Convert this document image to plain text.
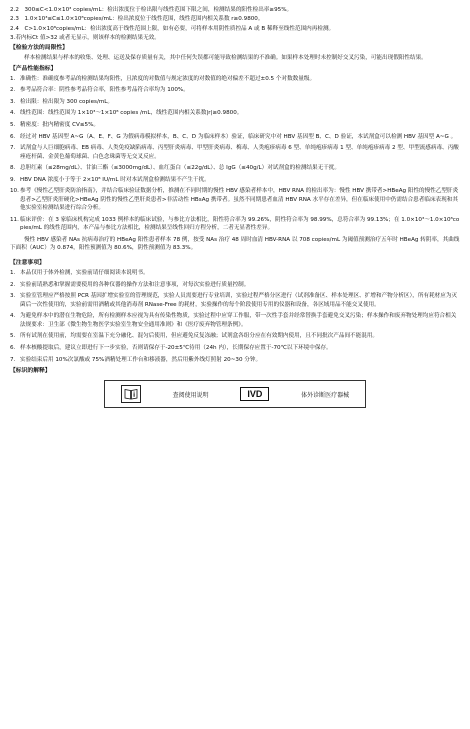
2.2　300≤C<1.0×10³ copies/mL：检出浓度位于检出限与线性范围下限之间，检测结果的阳性检出率≥95%。

2.3　1.0×10³≤C≤1.0×10⁸copies/mL：检出浓度位于线性范围，线性范围内相关系数 r≥0.9800。

2.4　C>1.0×10⁸copies/mL：检出浓度高于线性范围上限，如有必要，可将样本用阴性质控品 A 或 B 稀释至线性范围内再检测。

3.若内标Ct 值>32 或者无显示，则该样本的检测结果无效。

【检验方法的局限性】

样本检测结果与样本的收集、处理、运送及保存质量有关，其中任何失误都可能导致检测结果的不准确。如果样本处理时未控制好交叉污染，可能出现假阳性结果。

【产品性能指标】
1. 准确性：准确度参考品的检测结果均阳性，且浓度的对数值与规定浓度的对数值的绝对偏差不超过±0.5 个对数数量级。
2. 参考品符合率：阴性参考品符合率，阳性参考品符合率均为 100%。
3. 检出限：检出限为 300 copies/mL。
4. 线性范围：线性范围为 1×10³～1×10⁸ copies /mL，线性范围内相关系数|r|≥0.9800。
5. 精密度：批内精密度 CV≤5%。
6. 经过对 HBV 基因型 A~G（A、E、F、G 为假病毒模拟样本，B、C、D 为临床样本）验证，临床研究中对 HBV 基因型 B、C、D 验证，本试剂盒可以检测 HBV 基因型 A~G 。
7. 试剂盒与人巨细胞病毒、EB 病毒、人类免疫缺陷病毒、丙型肝炎病毒、甲型肝炎病毒、梅毒、人类疱疹病毒 6 型、单纯疱疹病毒 1 型、单纯疱疹病毒 2 型、甲型流感病毒、丙酸痤疮杆菌、金黄色葡萄球菌、白色念珠菌等无交叉反应。
8. 总胆红素（≤28mg/dL）、甘油三酯（≤3000mg/dL）、血红蛋白（≤22g/dL）、总 IgG（≤40g/L）对试剂盒的检测结果无干扰。
9. HBV DNA 浓度小于等于 2×10⁸ IU/mL 时对本试剂盒检测结果不产生干扰。
10. 参考《慢性乙型肝炎防治指南》，并结合临床验证数据分析，推测在不同时期的慢性 HBV 感染者样本中，HBV RNA 的检出率为：慢性 HBV 携带者>HBeAg 阳性的慢性乙型肝炎患者>乙型肝炎肝硬化>HBeAg 阴性的慢性乙型肝炎患者>非活动性 HBsAg 携带者。虽然不同期患者血清 HBV RNA 水平存在差异，但在临床使用中仍需结合患者临床表现和其他实验室检测结果进行综合分析。
11. 临床评价：在 3 家临床机构完成 1033 例样本的临床试验，与参比方法相比，阳性符合率为 99.26%，阴性符合率为 98.99%，总符合率为 99.13%；在 1.0×10³～1.0×10⁸copies/mL 的线性范围内，本产品与参比方法相比，检测结果呈线性回归方程分析，二者无显著性差异。

慢性 HBV 感染者 NAs 抗病毒治疗的 HBeAg 阳性患者样本 78 例，按受 NAs 治疗 48 周时血清 HBV-RNA 以 708 copies/mL 为阈值预测治疗五年时 HBeAg 转阴率，其曲线下面积（AUC）为 0.874，阳性预测值为 80.6%，阴性预测值为 83.3%。

【注意事项】
1. 本品仅用于体外检测，实验前请仔细阅读本说明书。
2. 实验前请熟悉和掌握需要使用的各种仪器的操作方法和注意事项，对每次实验进行质量控制。
3. 实验室管理应严格按照 PCR 基因扩增实验室的管理规范，实验人员需要进行专业培训，实验过程严格分区进行（试剂准备区、样本处理区、扩增和产物分析区），所有耗材应为灭菌后一次性使用的，实验前需用酒精或其他消毒剂 RNase-Free 的耗材，实验操作的每个阶段使用专用的仪器和设备，各区域用品不能交叉使用。
4. 为避免样本中的潜在生物危险，所有检测样本应视为具有传染性物质，实验过程中应穿工作服，带一次性手套并经常替换手套避免交叉污染；样本操作和废弃物处理均应符合相关法规要求：卫生部《微生物生物医学实验室生物安全通用准则》和《医疗废弃物管理条例》。
5. 所有试剂在使用前，均需要在室温下充分融化、混匀后使用，但应避免反复冻融；试剂盒各组分应在有效期内使用，且不同批次产品间不能混用。
6. 样本核酸提取后，建议立即进行下一步实验，否则请保存于-20±5℃待用（24h 内），长期保存应置于-70℃以下环境中保存。
7. 实验结束后用 10%次氯酸或 75%酒精处理工作台和移液器，然后用紫外线灯照射 20~30 分钟。
【标识的解释】
查阅使用说明	IVD	体外诊断医疗器械
